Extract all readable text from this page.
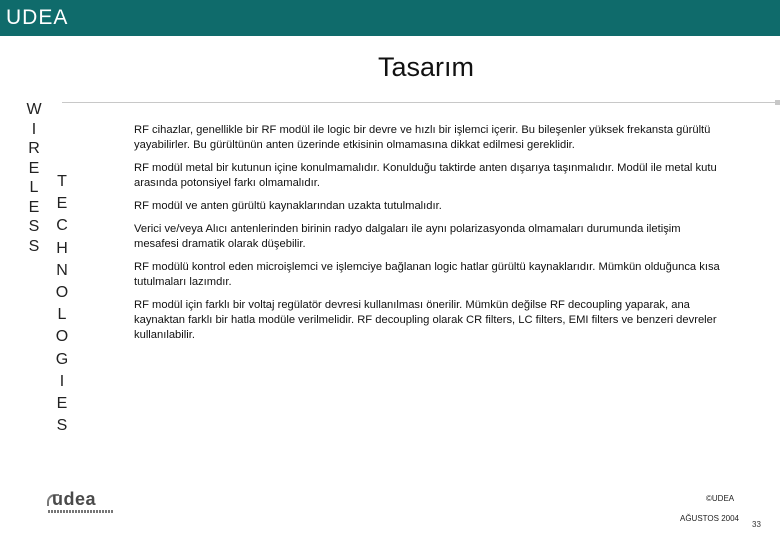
UDEA
Tasarım
W
I
R
E
L
E
S
S
T
E
C
H
N
O
L
O
G
I
E
S

RF cihazlar, genellikle bir RF modül ile logic bir devre ve hızlı bir işlemci içerir. Bu bileşenler yüksek frekansta gürültü yayabilirler. Bu gürültünün anten üzerinde etkisinin olmamasına dikkat edilmesi gereklidir.

RF modül metal bir kutunun içine konulmamalıdır. Konulduğu taktirde anten dışarıya taşınmalıdır. Modül ile metal kutu arasında potonsiyel farkı olmamalıdır.

RF modül ve anten gürültü kaynaklarından uzakta tutulmalıdır.

Verici ve/veya Alıcı antenlerinden birinin radyo dalgaları ile aynı polarizasyonda olmamaları durumunda iletişim mesafesi dramatik olarak düşebilir.

RF modülü kontrol eden microişlemci ve işlemciye bağlanan logic hatlar gürültü kaynaklarıdır. Mümkün olduğunca kısa tutulmaları lazımdır.

RF modül için farklı bir voltaj regülatör devresi kullanılması önerilir. Mümkün değilse RF decoupling yaparak, ana kaynaktan farklı bir hatla modüle verilmelidir. RF decoupling olarak CR filters, LC filters, EMI filters ve benzeri devreler kullanılabilir.

udea	©UDEA
AĞUSTOS 2004
33
